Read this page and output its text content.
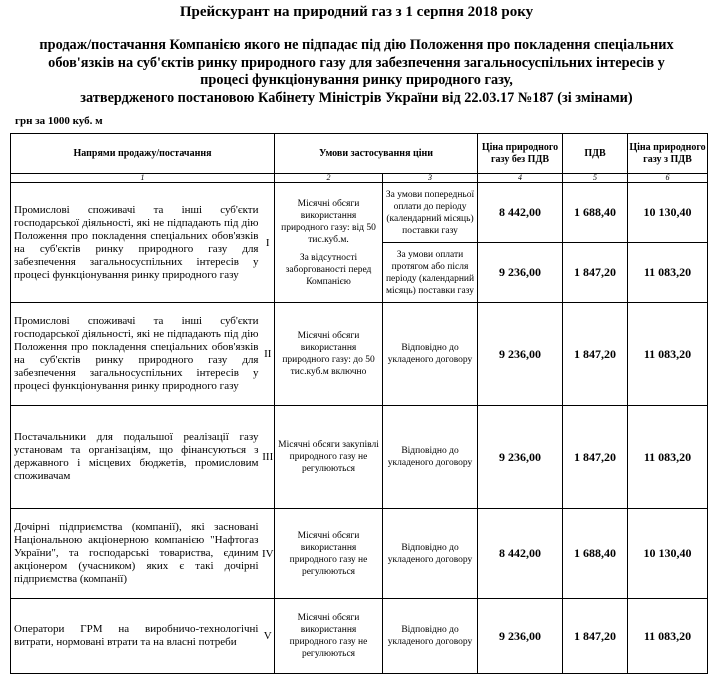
Прейскурант на природний газ з 1 серпня 2018 року
продаж/постачання Компанією якого не підпадає під дію Положення про покладення спеціальних
обов'язків на суб'єктів ринку природного газу для забезпечення загальносуспільних інтересів у
процесі функціонування ринку природного газу,
затвердженого постановою Кабінету Міністрів України від 22.03.17 №187 (зі змінами)
грн за 1000 куб. м
Напрями продажу/постачання		Умови застосування ціни		Ціна природного газу без ПДВ	ПДВ	Ціна природного газу з ПДВ
1		2	3	4	5	6
Промислові споживачі та інші суб'єкти господарської діяльності, які не підпадають під дію Положення про покладення спеціальних обов'язків на суб'єктів ринку природного газу для забезпечення загальносуспільних інтересів у процесі функціонування ринку природного газу	I	Місячні обсяги використання природного газу: від 50 тис.куб.м.
За відсутності заборгованості перед Компанією	За умови попередньої оплати до періоду (календарний місяць) поставки газу	8 442,00	1 688,40	10 130,40
			За умови оплати протягом або після періоду (календарний місяць) поставки газу	9 236,00	1 847,20	11 083,20
Промислові споживачі та інші суб'єкти господарської діяльності, які не підпадають під дію Положення про покладення спеціальних обов'язків на суб'єктів ринку природного газу для забезпечення загальносуспільних інтересів у процесі функціонування ринку природного газу	II	Місячні обсяги використання природного газу: до 50 тис.куб.м включно	Відповідно до укладеного договору	9 236,00	1 847,20	11 083,20
Постачальники для подальшої реалізації газу установам та організаціям, що фінансуються з державного і місцевих бюджетів, промисловим споживачам	III	Місячні обсяги закупівлі природного газу не регулюються	Відповідно до укладеного договору	9 236,00	1 847,20	11 083,20
Дочірні підприємства (компанії), які засновані Національною акціонерною компанією "Нафтогаз України", та господарські товариства, єдиним акціонером (учасником) яких є такі дочірні підприємства (компанії)	IV	Місячні обсяги використання природного газу не регулюються	Відповідно до укладеного договору	8 442,00	1 688,40	10 130,40
Оператори ГРМ на виробничо-технологічні витрати, нормовані втрати та на власні потреби	V	Місячні обсяги використання природного газу не регулюються	Відповідно до укладеного договору	9 236,00	1 847,20	11 083,20
